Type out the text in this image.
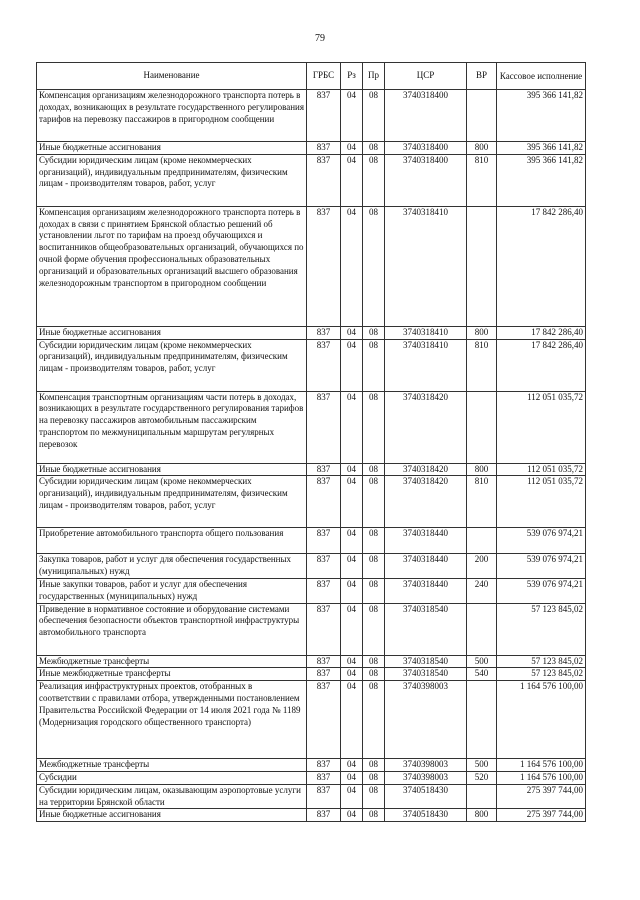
79
Наименование	ГРБС	Рз	Пр	ЦСР	ВР	Кассовое исполнение
Компенсация организациям железнодорожного транспорта потерь в доходах, возникающих в результате государственного регулирования тарифов на перевозку пассажиров в пригородном сообщении	837	04	08	3740318400		395 366 141,82
Иные бюджетные ассигнования	837	04	08	3740318400	800	395 366 141,82
Субсидии юридическим лицам (кроме некоммерческих организаций), индивидуальным предпринимателям, физическим лицам - производителям товаров, работ, услуг	837	04	08	3740318400	810	395 366 141,82
Компенсация организациям железнодорожного транспорта потерь в доходах в связи с принятием Брянской областью решений об установлении льгот по тарифам на проезд обучающихся и воспитанников общеобразовательных организаций, обучающихся по очной форме обучения профессиональных образовательных организаций и образовательных организаций высшего образования железнодорожным транспортом в пригородном сообщении	837	04	08	3740318410		17 842 286,40
Иные бюджетные ассигнования	837	04	08	3740318410	800	17 842 286,40
Субсидии юридическим лицам (кроме некоммерческих организаций), индивидуальным предпринимателям, физическим лицам - производителям товаров, работ, услуг	837	04	08	3740318410	810	17 842 286,40
Компенсация транспортным организациям части потерь в доходах, возникающих в результате государственного регулирования тарифов на перевозку пассажиров автомобильным пассажирским транспортом по межмуниципальным маршрутам регулярных перевозок	837	04	08	3740318420		112 051 035,72
Иные бюджетные ассигнования	837	04	08	3740318420	800	112 051 035,72
Субсидии юридическим лицам (кроме некоммерческих организаций), индивидуальным предпринимателям, физическим лицам - производителям товаров, работ, услуг	837	04	08	3740318420	810	112 051 035,72
Приобретение автомобильного транспорта общего пользования	837	04	08	3740318440		539 076 974,21
Закупка товаров, работ и услуг для обеспечения государственных (муниципальных) нужд	837	04	08	3740318440	200	539 076 974,21
Иные закупки товаров, работ и услуг для обеспечения государственных (муниципальных) нужд	837	04	08	3740318440	240	539 076 974,21
Приведение в нормативное состояние и оборудование системами обеспечения безопасности объектов транспортной инфраструктуры автомобильного транспорта	837	04	08	3740318540		57 123 845,02
Межбюджетные трансферты	837	04	08	3740318540	500	57 123 845,02
Иные межбюджетные трансферты	837	04	08	3740318540	540	57 123 845,02
Реализация инфраструктурных проектов, отобранных в соответствии с правилами отбора, утвержденными постановлением Правительства Российской Федерации от 14 июля 2021 года № 1189 (Модернизация городского общественного транспорта)	837	04	08	3740398003		1 164 576 100,00
Межбюджетные трансферты	837	04	08	3740398003	500	1 164 576 100,00
Субсидии	837	04	08	3740398003	520	1 164 576 100,00
Субсидии юридическим лицам, оказывающим аэропортовые услуги на территории Брянской области	837	04	08	3740518430		275 397 744,00
Иные бюджетные ассигнования	837	04	08	3740518430	800	275 397 744,00
